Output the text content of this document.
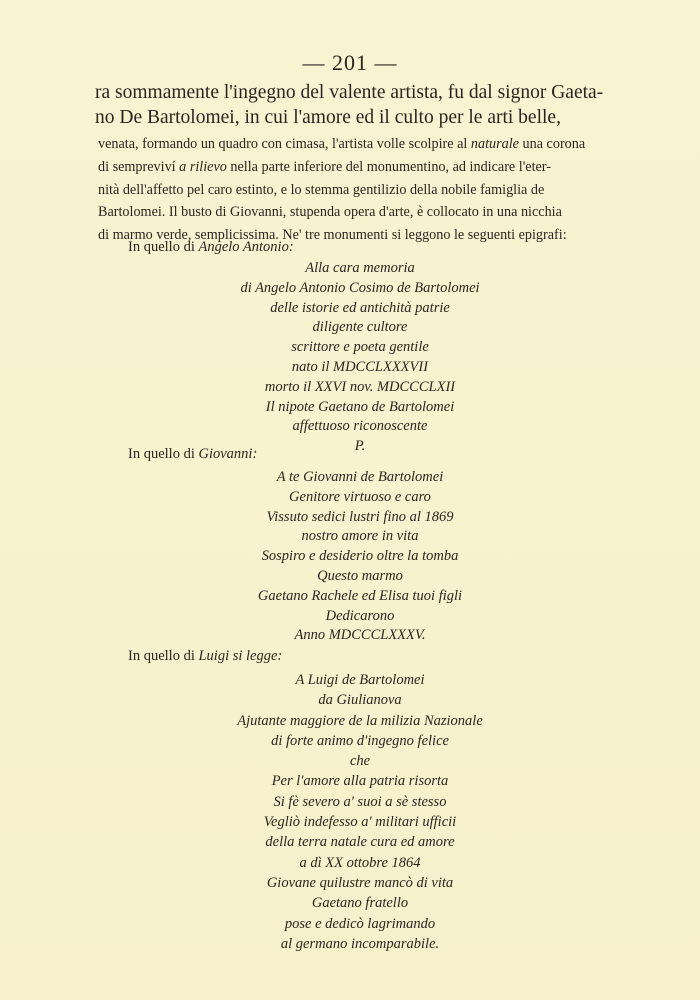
— 201 —

ra sommamente l'ingegno del valente artista, fu dal signor Gaeta-

no De Bartolomei, in cui l'amore ed il culto per le arti belle,

venata, formando un quadro con cimasa, l'artista volle scolpire al naturale una corona

di sempreviví a rilievo nella parte inferiore del monumentino, ad indicare l'eter-

nità dell'affetto pel caro estinto, e lo stemma gentilizio della nobile famiglia de

Bartolomei. Il busto di Giovanni, stupenda opera d'arte, è collocato in una nicchia

di marmo verde, semplicissima. Ne' tre monumenti si leggono le seguenti epigrafi:

In quello di Angelo Antonio:
Alla cara memoria
di Angelo Antonio Cosimo de Bartolomei
delle istorie ed antichità patrie
diligente cultore
scrittore e poeta gentile
nato il MDCCLXXXVII
morto il XXVI nov. MDCCCLXII
Il nipote Gaetano de Bartolomei
affettuoso riconoscente
P.
In quello di Giovanni:
A te Giovanni de Bartolomei
Genitore virtuoso e caro
Vissuto sedici lustri fino al 1869
nostro amore in vita
Sospiro e desiderio oltre la tomba
Questo marmo
Gaetano Rachele ed Elisa tuoi figli
Dedicarono
Anno MDCCCLXXXV.
In quello di Luigi si legge:
A Luigi de Bartolomei
da Giulianova
Ajutante maggiore de la milizia Nazionale
di forte animo d'ingegno felice
che
Per l'amore alla patria risorta
Si fè severo a' suoi a sè stesso
Vegliò indefesso a' militari ufficii
della terra natale cura ed amore
a dì XX ottobre 1864
Giovane quilustre mancò di vita
Gaetano fratello
pose e dedicò lagrimando
al germano incomparabile.
